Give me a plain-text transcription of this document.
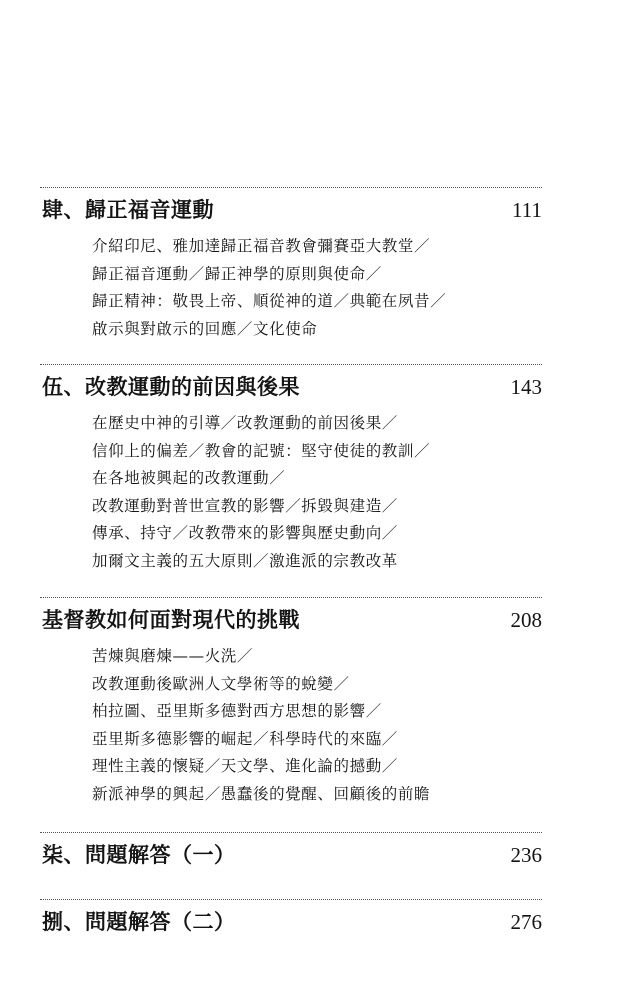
肆、歸正福音運動	111
介紹印尼、雅加達歸正福音教會彌賽亞大教堂／
歸正福音運動／歸正神學的原則與使命／
歸正精神：敬畏上帝、順從神的道／典範在夙昔／
啟示與對啟示的回應／文化使命
伍、改教運動的前因與後果	143
在歷史中神的引導／改教運動的前因後果／
信仰上的偏差／教會的記號：堅守使徒的教訓／
在各地被興起的改教運動／
改教運動對普世宣教的影響／拆毀與建造／
傳承、持守／改教帶來的影響與歷史動向／
加爾文主義的五大原則／激進派的宗教改革
基督教如何面對現代的挑戰	208
苦煉與磨煉——火洗／
改教運動後歐洲人文學術等的蛻變／
柏拉圖、亞里斯多德對西方思想的影響／
亞里斯多德影響的崛起／科學時代的來臨／
理性主義的懷疑／天文學、進化論的撼動／
新派神學的興起／愚蠢後的覺醒、回顧後的前瞻
柒、問題解答（一）	236
捌、問題解答（二）	276
